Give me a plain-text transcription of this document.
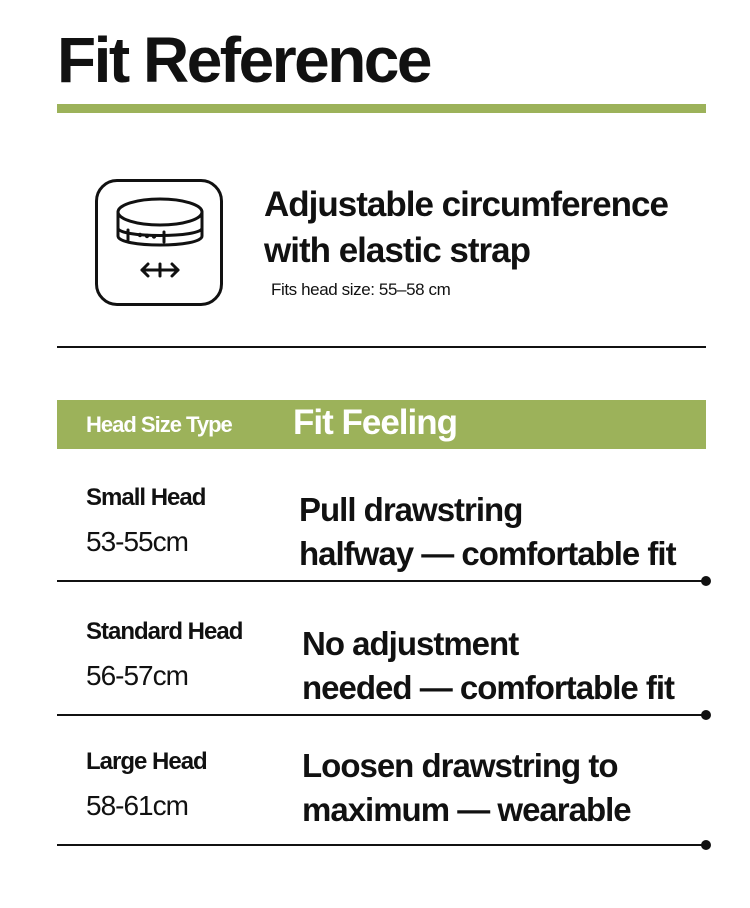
Fit Reference
Adjustable circumference
with elastic strap
Fits head size: 55–58 cm
Head Size Type Fit Feeling
Small Head
53-55cm
Pull drawstring
halfway — comfortable fit
Standard Head
56-57cm
No adjustment
needed — comfortable fit
Large Head
58-61cm
Loosen drawstring to
maximum — wearable
